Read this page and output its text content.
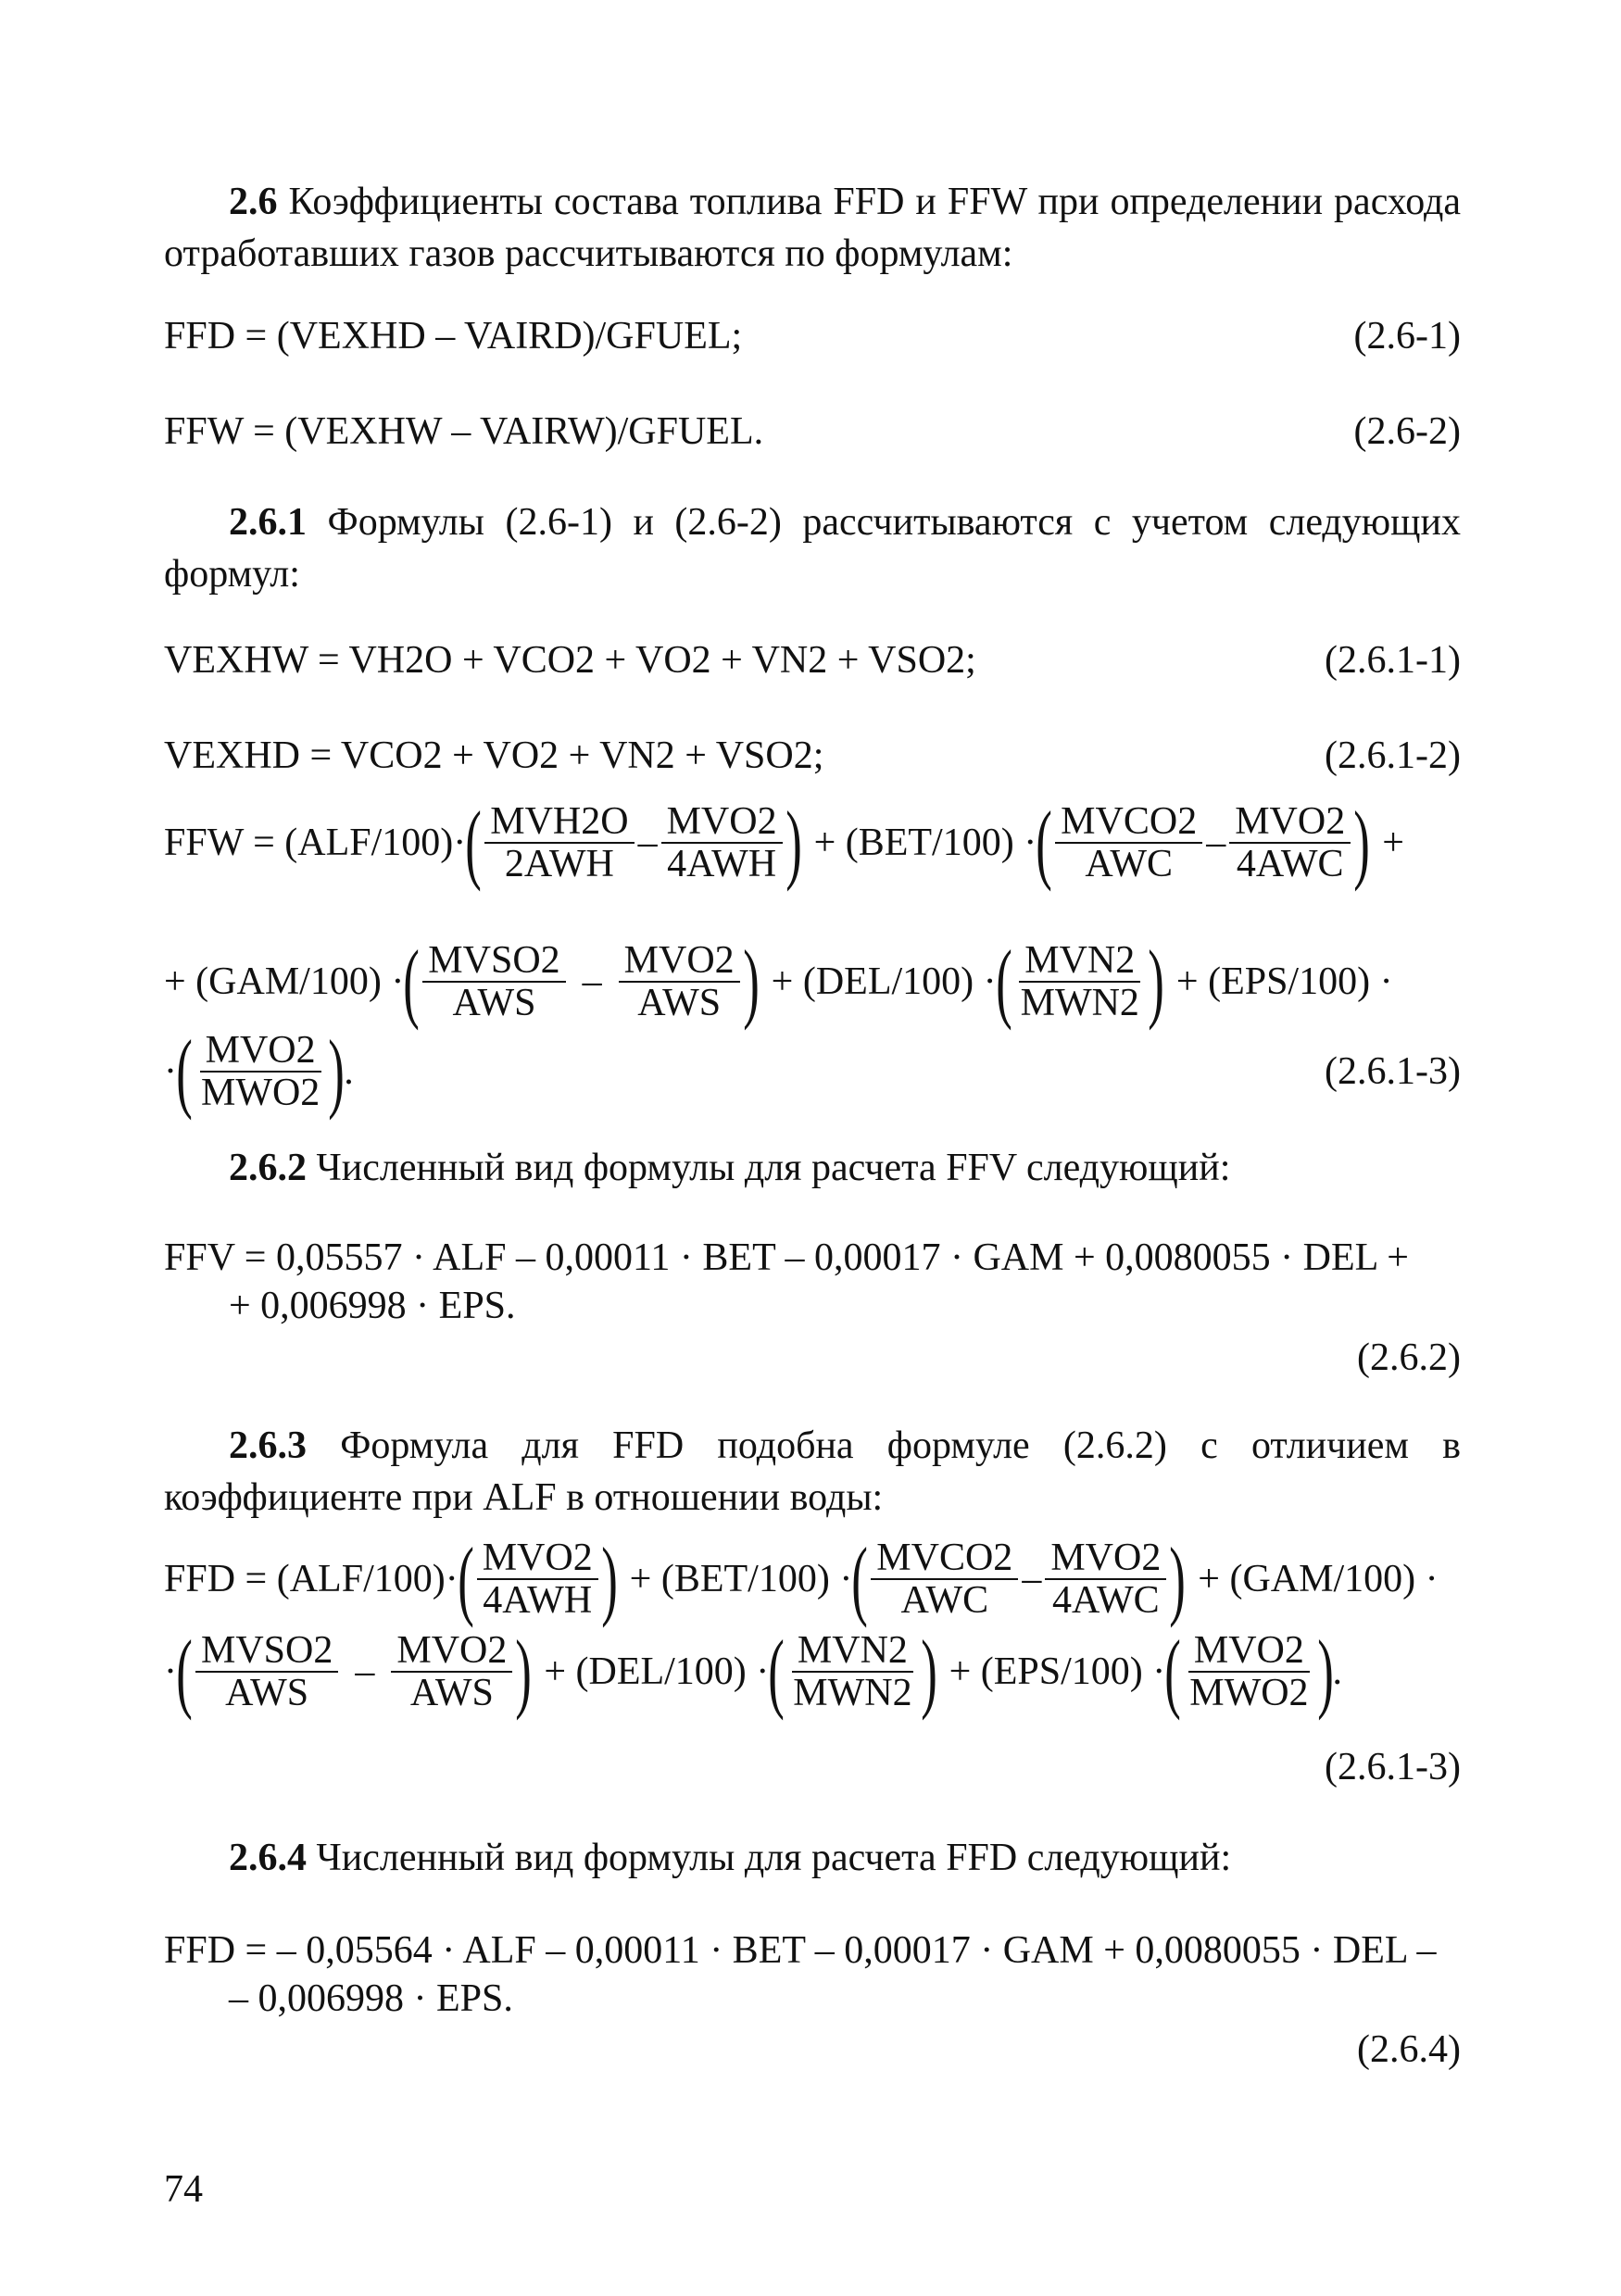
2.6 Коэффициенты состава топлива FFD и FFW при определении расхода отработавших газов рассчитываются по формулам:
FFD = (VEXHD – VAIRD)/GFUEL;	(2.6-1)
FFW = (VEXHW – VAIRW)/GFUEL.	(2.6-2)
2.6.1 Формулы (2.6-1) и (2.6-2) рассчитываются с учетом следующих формул:
VEXHW = VH2O + VCO2 + VO2 + VN2 + VSO2;	(2.6.1-1)
VEXHD = VCO2 + VO2 + VN2 + VSO2;	(2.6.1-2)
FFW = (ALF/100)· ( $\frac{\text{MVH2O}}{\text{2AWH}} - \frac{\text{MVO2}}{\text{4AWH}}$ ) + (BET/100) · ( $\frac{\text{MVCO2}}{\text{AWC}} - \frac{\text{MVO2}}{\text{4AWC}}$ ) +
+ (GAM/100) · ( $\frac{\text{MVSO2}}{\text{AWS}} - \frac{\text{MVO2}}{\text{AWS}}$ ) + (DEL/100) · ( $\frac{\text{MVN2}}{\text{MWN2}}$ ) + (EPS/100) ·
· ( $\frac{\text{MVO2}}{\text{MWO2}}$ ) .	(2.6.1-3)
2.6.2 Численный вид формулы для расчета FFV следующий:
FFV = 0,05557 · ALF – 0,00011 · BET – 0,00017 · GAM + 0,0080055 · DEL +
+ 0,006998 · EPS.
(2.6.2)
2.6.3 Формула для FFD подобна формуле (2.6.2) с отличием в коэффициенте при ALF в отношении воды:
FFD = (ALF/100)· ( $\frac{\text{MVO2}}{\text{4AWH}}$ ) + (BET/100) · ( $\frac{\text{MVCO2}}{\text{AWC}} - \frac{\text{MVO2}}{\text{4AWC}}$ ) + (GAM/100) ·
· ( $\frac{\text{MVSO2}}{\text{AWS}} - \frac{\text{MVO2}}{\text{AWS}}$ ) + (DEL/100) · ( $\frac{\text{MVN2}}{\text{MWN2}}$ ) + (EPS/100) · ( $\frac{\text{MVO2}}{\text{MWO2}}$ ) .
(2.6.1-3)
2.6.4 Численный вид формулы для расчета FFD следующий:
FFD = – 0,05564 · ALF – 0,00011 · BET – 0,00017 · GAM + 0,0080055 · DEL –
– 0,006998 · EPS.
(2.6.4)
74
